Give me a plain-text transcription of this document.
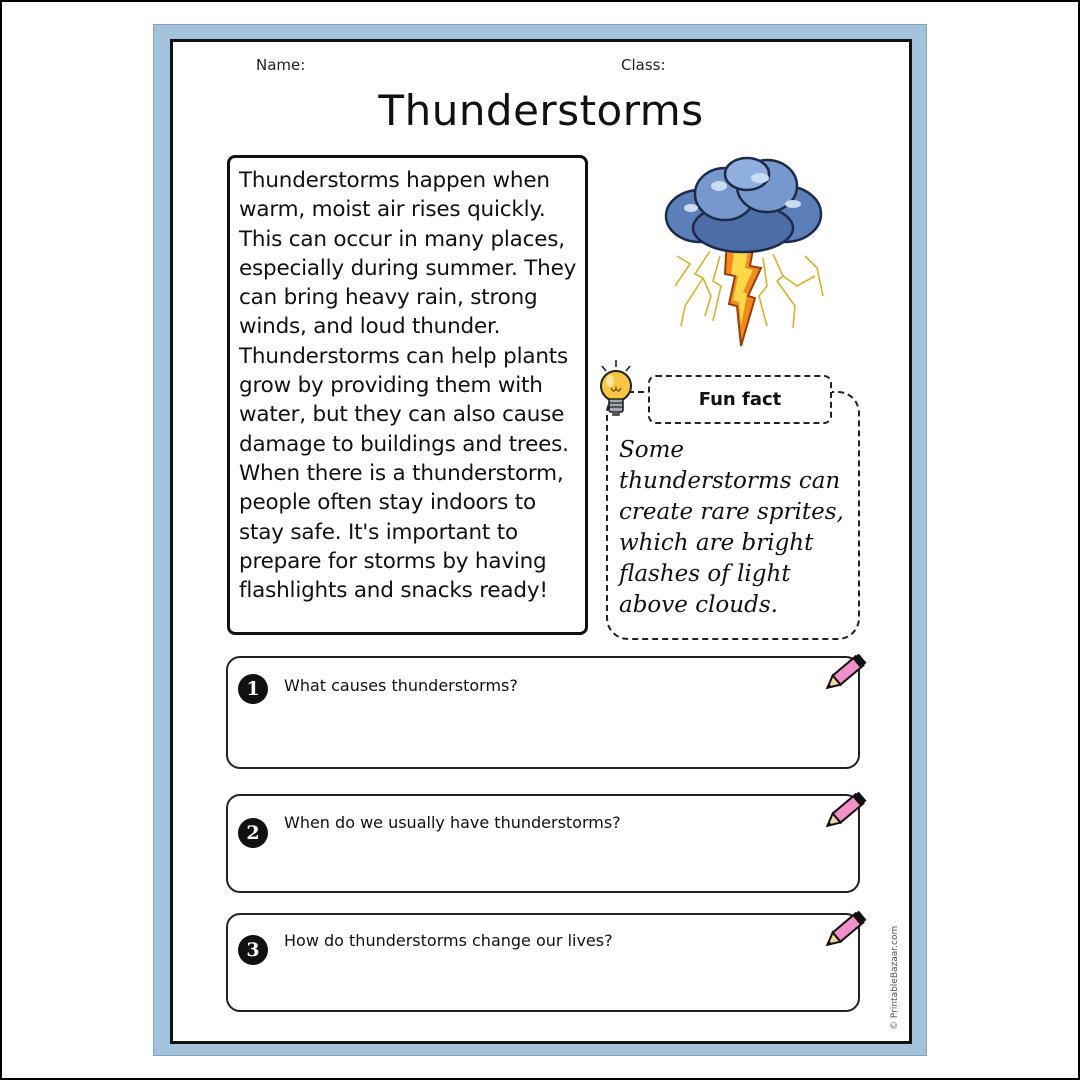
Name:	Class:
Thunderstorms

Thunderstorms happen when warm, moist air rises quickly. This can occur in many places, especially during summer. They can bring heavy rain, strong winds, and loud thunder. Thunderstorms can help plants grow by providing them with water, but they can also cause damage to buildings and trees. When there is a thunderstorm, people often stay indoors to stay safe. It's important to prepare for storms by having flashlights and snacks ready!

Fun fact

Some thunderstorms can create rare sprites, which are bright flashes of light above clouds.

1	What causes thunderstorms?
2	When do we usually have thunderstorms?
3	How do thunderstorms change our lives?	© PrintableBazaar.com
